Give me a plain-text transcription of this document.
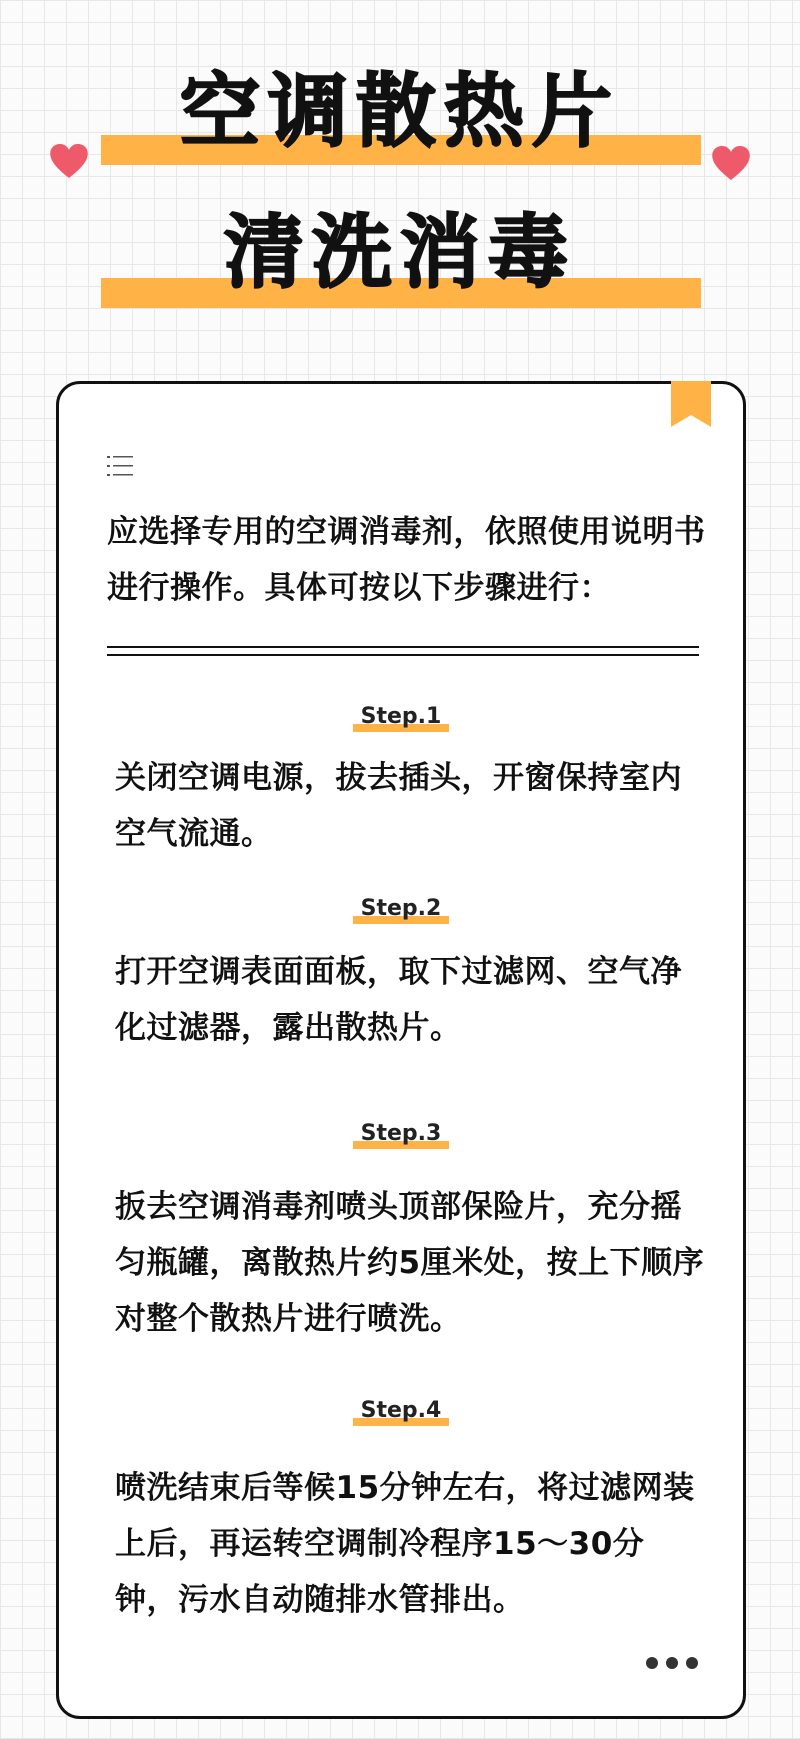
空调散热片
清洗消毒
应选择专用的空调消毒剂，依照使用说明书进行操作。具体可按以下步骤进行：
Step.1
关闭空调电源，拔去插头，开窗保持室内空气流通。
Step.2
打开空调表面面板，取下过滤网、空气净化过滤器，露出散热片。
Step.3
扳去空调消毒剂喷头顶部保险片，充分摇匀瓶罐，离散热片约5厘米处，按上下顺序对整个散热片进行喷洗。
Step.4
喷洗结束后等候15分钟左右，将过滤网装上后，再运转空调制冷程序15～30分钟，污水自动随排水管排出。
